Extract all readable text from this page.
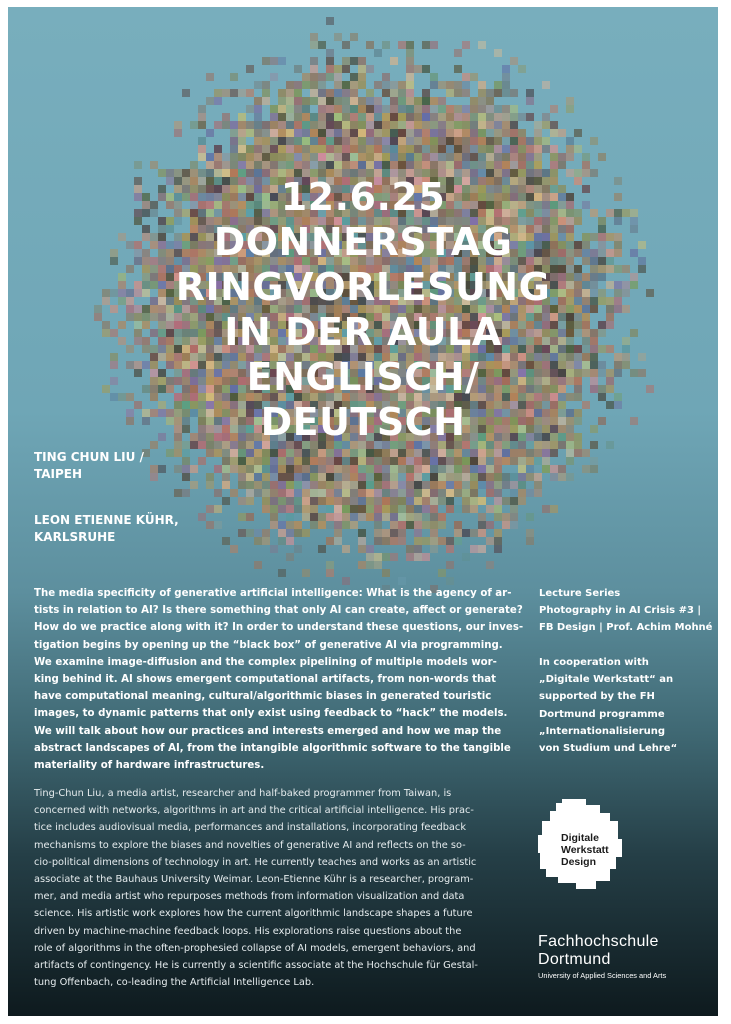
12.6.25
DONNERSTAG
RINGVORLESUNG
IN DER AULA
ENGLISCH/
DEUTSCH
TING CHUN LIU /
TAIPEH
LEON ETIENNE KÜHR,
KARLSRUHE
The media specificity of generative artificial intelligence: What is the agency of ar-
tists in relation to AI? Is there something that only AI can create, affect or generate?
How do we practice along with it? In order to understand these questions, our inves-
tigation begins by opening up the “black box” of generative AI via programming.
We examine image-diffusion and the complex pipelining of multiple models wor-
king behind it. AI shows emergent computational artifacts, from non-words that
have computational meaning, cultural/algorithmic biases in generated touristic
images, to dynamic patterns that only exist using feedback to “hack” the models.
We will talk about how our practices and interests emerged and how we map the
abstract landscapes of AI, from the intangible algorithmic software to the tangible
materiality of hardware infrastructures.
Ting-Chun Liu, a media artist, researcher and half-baked programmer from Taiwan, is
concerned with networks, algorithms in art and the critical artificial intelligence. His prac-
tice includes audiovisual media, performances and installations, incorporating feedback
mechanisms to explore the biases and novelties of generative AI and reflects on the so-
cio-political dimensions of technology in art. He currently teaches and works as an artistic
associate at the Bauhaus University Weimar. Leon-Etienne Kühr is a researcher, program-
mer, and media artist who repurposes methods from information visualization and data
science. His artistic work explores how the current algorithmic landscape shapes a future
driven by machine-machine feedback loops. His explorations raise questions about the
role of algorithms in the often-prophesied collapse of AI models, emergent behaviors, and
artifacts of contingency. He is currently a scientific associate at the Hochschule für Gestal-
tung Offenbach, co-leading the Artificial Intelligence Lab.
Lecture Series
Photography in AI Crisis #3 |
FB Design | Prof. Achim Mohné
In cooperation with
„Digitale Werkstatt“ an
supported by the FH
Dortmund programme
„Internationalisierung
von Studium und Lehre“
Digitale
Werkstatt
Design
Fachhochschule
Dortmund
University of Applied Sciences and Arts
